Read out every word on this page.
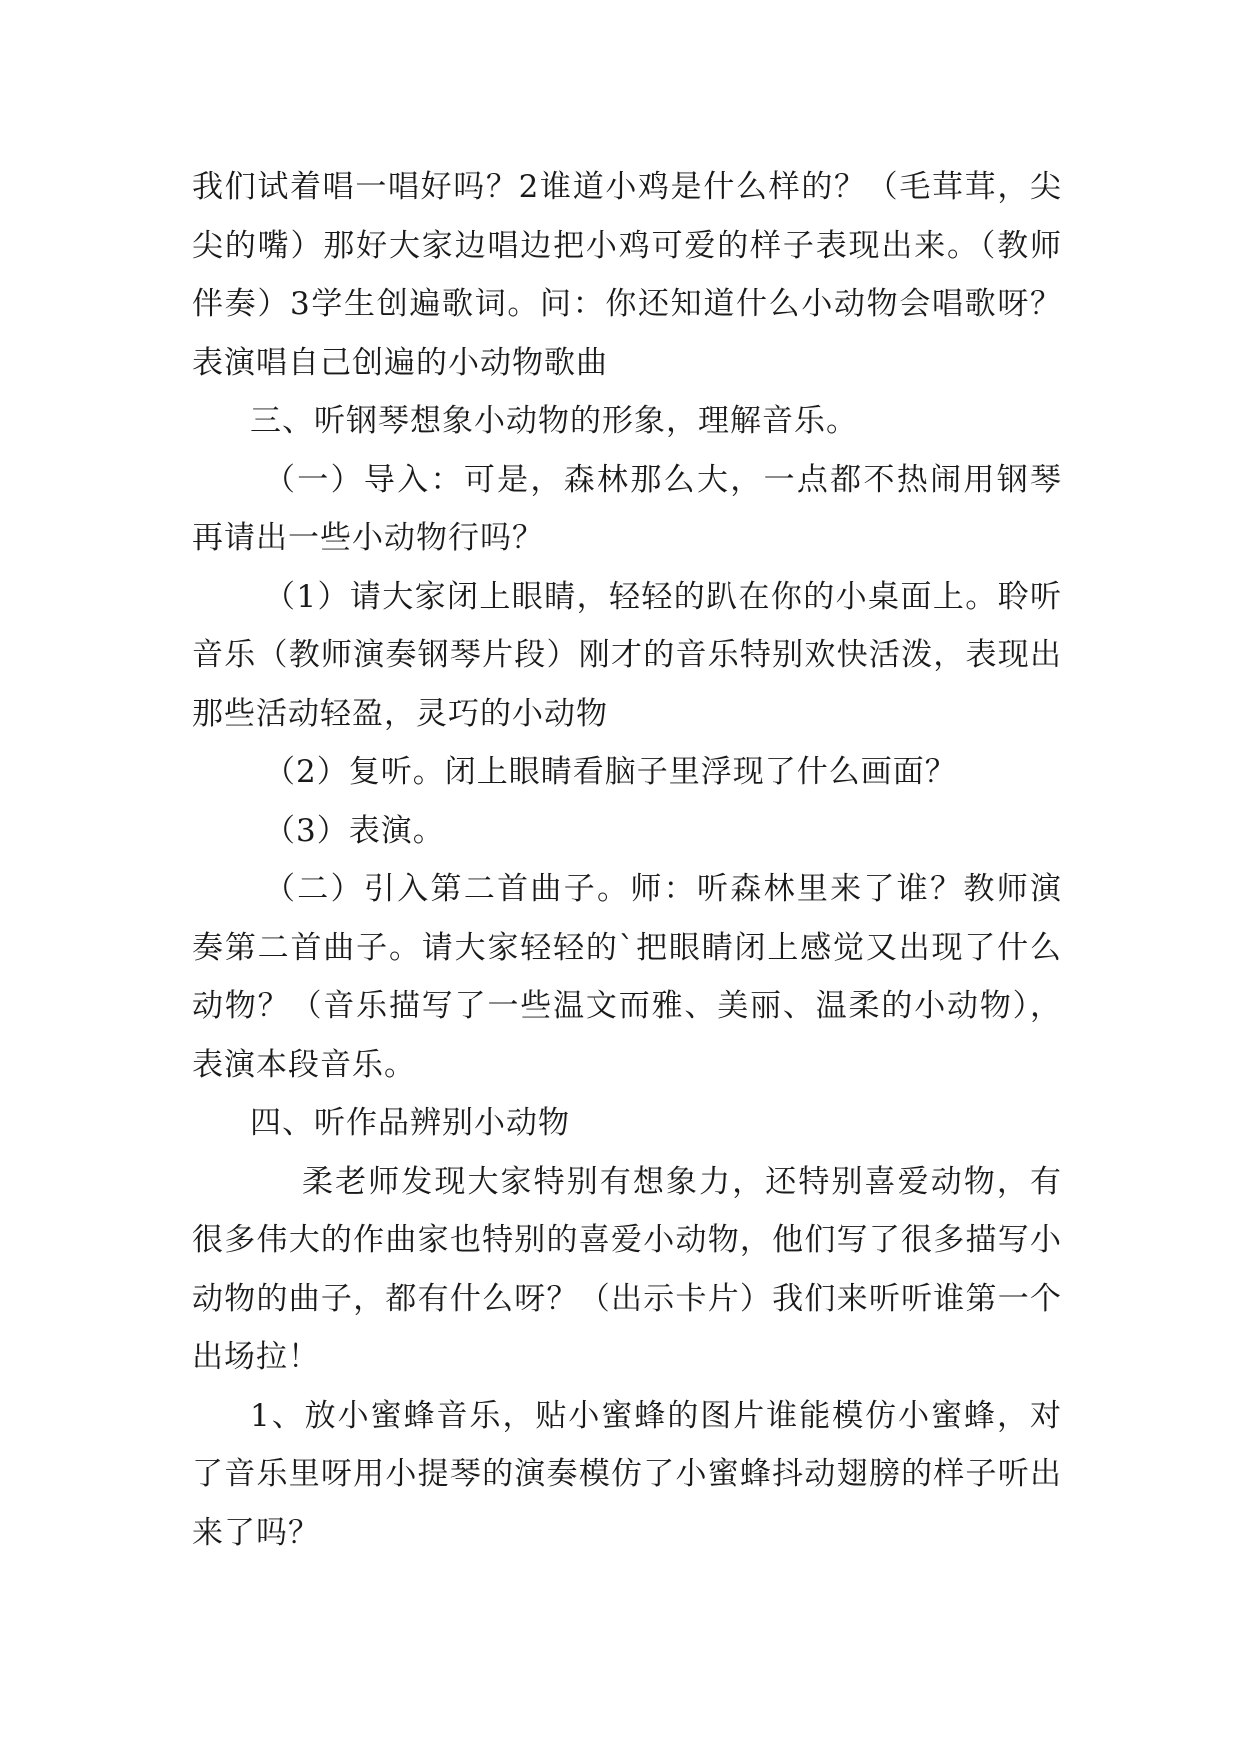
我们试着唱一唱好吗？2谁道小鸡是什么样的？（毛茸茸，尖尖的嘴）那好大家边唱边把小鸡可爱的样子表现出来。（教师伴奏）3学生创遍歌词。问：你还知道什么小动物会唱歌呀？表演唱自己创遍的小动物歌曲

三、听钢琴想象小动物的形象，理解音乐。

（一）导入：可是，森林那么大，一点都不热闹用钢琴再请出一些小动物行吗？

（1）请大家闭上眼睛，轻轻的趴在你的小桌面上。聆听音乐（教师演奏钢琴片段）刚才的音乐特别欢快活泼，表现出那些活动轻盈，灵巧的小动物

（2）复听。闭上眼睛看脑子里浮现了什么画面？

（3）表演。

（二）引入第二首曲子。师：听森林里来了谁？教师演奏第二首曲子。请大家轻轻的`把眼睛闭上感觉又出现了什么动物？（音乐描写了一些温文而雅、美丽、温柔的小动物），表演本段音乐。

四、听作品辨别小动物

柔老师发现大家特别有想象力，还特别喜爱动物，有很多伟大的作曲家也特别的喜爱小动物，他们写了很多描写小动物的曲子，都有什么呀？（出示卡片）我们来听听谁第一个出场拉！

1、放小蜜蜂音乐，贴小蜜蜂的图片谁能模仿小蜜蜂，对了音乐里呀用小提琴的演奏模仿了小蜜蜂抖动翅膀的样子听出来了吗？
